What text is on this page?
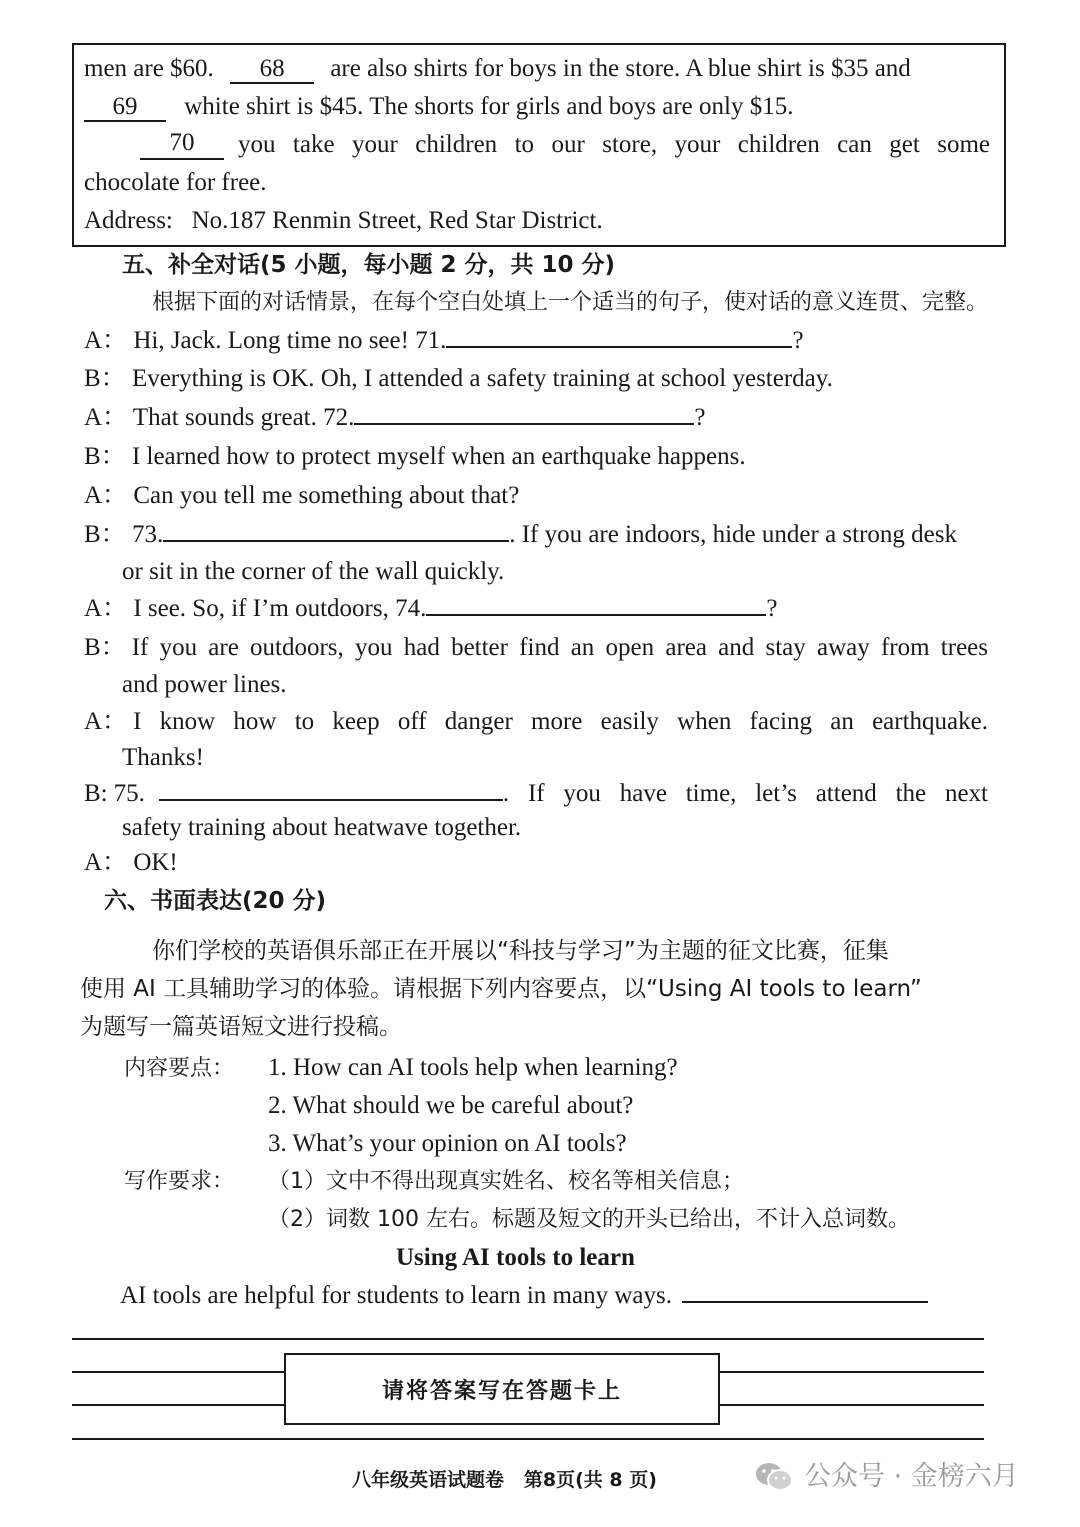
men are $60. 68 are also shirts for boys in the store. A blue shirt is $35 and
69 white shirt is $45. The shorts for girls and boys are only $15.
70	you take your children to our store, your children can get some
chocolate for free.
Address:   No.187 Renmin Street, Red Star District.
五、补全对话(5 小题，每小题 2 分，共 10 分)
根据下面的对话情景，在每个空白处填上一个适当的句子，使对话的意义连贯、完整。
A： Hi, Jack. Long time no see! 71.	?
B： Everything is OK. Oh, I attended a safety training at school yesterday.
A： That sounds great. 72.	?
B： I learned how to protect myself when an earthquake happens.
A： Can you tell me something about that?
B： 73.	. If you are indoors, hide under a strong desk
or sit in the corner of the wall quickly.
A： I see. So, if I’m outdoors, 74.	?
B： If you are outdoors, you had better find an open area and stay away from trees
and power lines.
A： I know how to keep off danger more easily when facing an earthquake.
Thanks!
B: 75.	. If you have time, let’s attend the next
safety training about heatwave together.
A： OK!
六、书面表达(20 分)
你们学校的英语俱乐部正在开展以“科技与学习”为主题的征文比赛，征集
使用 AI 工具辅助学习的体验。请根据下列内容要点，以“Using AI tools to learn”
为题写一篇英语短文进行投稿。
内容要点： 1. How can AI tools help when learning?
2. What should we be careful about?
3. What’s your opinion on AI tools?
写作要求： （1）文中不得出现真实姓名、校名等相关信息；
（2）词数 100 左右。标题及短文的开头已给出，不计入总词数。
Using AI tools to learn
AI tools are helpful for students to learn in many ways.
请将答案写在答题卡上
八年级英语试题卷   第8页(共 8 页)	公众号 · 金榜六月
